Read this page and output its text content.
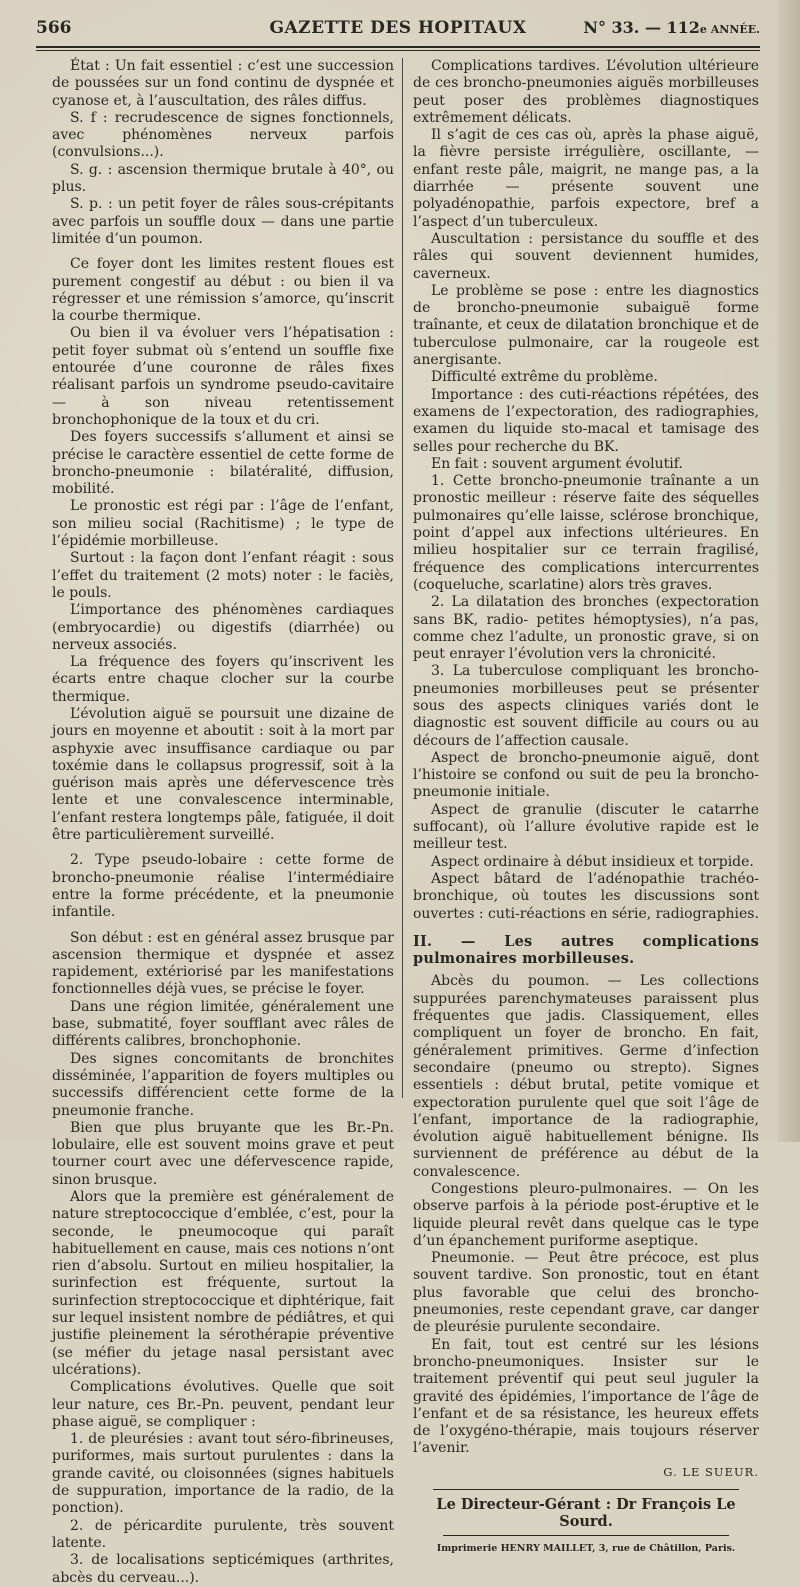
566	GAZETTE DES HOPITAUX	N° 33. — 112e ANNÉE.

État : Un fait essentiel : c’est une succession de poussées sur un fond continu de dyspnée et cyanose et, à l’auscultation, des râles diffus.

S. f : recrudescence de signes fonctionnels, avec phénomènes nerveux parfois (convulsions...).

S. g. : ascension thermique brutale à 40°, ou plus.

S. p. : un petit foyer de râles sous-crépitants avec parfois un souffle doux — dans une partie limitée d’un poumon.

Ce foyer dont les limites restent floues est purement congestif au début : ou bien il va régresser et une rémission s’amorce, qu’inscrit la courbe thermique.

Ou bien il va évoluer vers l’hépatisation : petit foyer submat où s’entend un souffle fixe entourée d’une couronne de râles fixes réalisant parfois un syndrome pseudo-cavitaire — à son niveau retentissement bronchophonique de la toux et du cri.

Des foyers successifs s’allument et ainsi se précise le caractère essentiel de cette forme de broncho-pneumonie : bilatéralité, diffusion, mobilité.

Le pronostic est régi par : l’âge de l’enfant, son milieu social (Rachitisme) ; le type de l’épidémie morbilleuse.

Surtout : la façon dont l’enfant réagit : sous l’effet du traitement (2 mots) noter : le faciès, le pouls.

L’importance des phénomènes cardiaques (embryocardie) ou digestifs (diarrhée) ou nerveux associés.

La fréquence des foyers qu’inscrivent les écarts entre chaque clocher sur la courbe thermique.

L’évolution aiguë se poursuit une dizaine de jours en moyenne et aboutit : soit à la mort par asphyxie avec insuffisance cardiaque ou par toxémie dans le collapsus progressif, soit à la guérison mais après une défervescence très lente et une convalescence interminable, l’enfant restera longtemps pâle, fatiguée, il doit être particulièrement surveillé.

2. Type pseudo-lobaire : cette forme de broncho-pneumonie réalise l’intermédiaire entre la forme précédente, et la pneumonie infantile.

Son début : est en général assez brusque par ascension thermique et dyspnée et assez rapidement, extériorisé par les manifestations fonctionnelles déjà vues, se précise le foyer.

Dans une région limitée, généralement une base, submatité, foyer soufflant avec râles de différents calibres, bronchophonie.

Des signes concomitants de bronchites disséminée, l’apparition de foyers multiples ou successifs différencient cette forme de la pneumonie franche.

Bien que plus bruyante que les Br.-Pn. lobulaire, elle est souvent moins grave et peut tourner court avec une défervescence rapide, sinon brusque.

Alors que la première est généralement de nature streptococcique d’emblée, c’est, pour la seconde, le pneumocoque qui paraît habituellement en cause, mais ces notions n’ont rien d’absolu. Surtout en milieu hospitalier, la surinfection est fréquente, surtout la surinfection streptococcique et diphtérique, fait sur lequel insistent nombre de pédiâtres, et qui justifie pleinement la sérothérapie préventive (se méfier du jetage nasal persistant avec ulcérations).

Complications évolutives. Quelle que soit leur nature, ces Br.-Pn. peuvent, pendant leur phase aiguë, se compliquer :

1. de pleurésies : avant tout séro-fibrineuses, puriformes, mais surtout purulentes : dans la grande cavité, ou cloisonnées (signes habituels de suppuration, importance de la radio, de la ponction).

2. de péricardite purulente, très souvent latente.

3. de localisations septicémiques (arthrites, abcès du cerveau...).

Complications tardives. L’évolution ultérieure de ces broncho-pneumonies aiguës morbilleuses peut poser des problèmes diagnostiques extrêmement délicats.

Il s’agit de ces cas où, après la phase aiguë, la fièvre persiste irrégulière, oscillante, — enfant reste pâle, maigrit, ne mange pas, a la diarrhée — présente souvent une polyadénopathie, parfois expectore, bref a l’aspect d’un tuberculeux.

Auscultation : persistance du souffle et des râles qui souvent deviennent humides, caverneux.

Le problème se pose : entre les diagnostics de broncho-pneumonie subaiguë forme traînante, et ceux de dilatation bronchique et de tuberculose pulmonaire, car la rougeole est anergisante.

Difficulté extrême du problème.

Importance : des cuti-réactions répétées, des examens de l’expectoration, des radiographies, examen du liquide sto-macal et tamisage des selles pour recherche du BK.

En fait : souvent argument évolutif.

1. Cette broncho-pneumonie traînante a un pronostic meilleur : réserve faite des séquelles pulmonaires qu’elle laisse, sclérose bronchique, point d’appel aux infections ultérieures. En milieu hospitalier sur ce terrain fragilisé, fréquence des complications intercurrentes (coqueluche, scarlatine) alors très graves.

2. La dilatation des bronches (expectoration sans BK, radio- petites hémoptysies), n’a pas, comme chez l’adulte, un pronostic grave, si on peut enrayer l’évolution vers la chronicité.

3. La tuberculose compliquant les broncho-pneumonies morbilleuses peut se présenter sous des aspects cliniques variés dont le diagnostic est souvent difficile au cours ou au décours de l’affection causale.

Aspect de broncho-pneumonie aiguë, dont l’histoire se confond ou suit de peu la broncho-pneumonie initiale.

Aspect de granulie (discuter le catarrhe suffocant), où l’allure évolutive rapide est le meilleur test.

Aspect ordinaire à début insidieux et torpide.

Aspect bâtard de l’adénopathie trachéo-bronchique, où toutes les discussions sont ouvertes : cuti-réactions en série, radiographies.

II. — Les autres complications pulmonaires morbilleuses.

Abcès du poumon. — Les collections suppurées parenchymateuses paraissent plus fréquentes que jadis. Classiquement, elles compliquent un foyer de broncho. En fait, généralement primitives. Germe d’infection secondaire (pneumo ou strepto). Signes essentiels : début brutal, petite vomique et expectoration purulente quel que soit l’âge de l’enfant, importance de la radiographie, évolution aiguë habituellement bénigne. Ils surviennent de préférence au début de la convalescence.

Congestions pleuro-pulmonaires. — On les observe parfois à la période post-éruptive et le liquide pleural revêt dans quelque cas le type d’un épanchement puriforme aseptique.

Pneumonie. — Peut être précoce, est plus souvent tardive. Son pronostic, tout en étant plus favorable que celui des broncho-pneumonies, reste cependant grave, car danger de pleurésie purulente secondaire.

En fait, tout est centré sur les lésions broncho-pneumoniques. Insister sur le traitement préventif qui peut seul juguler la gravité des épidémies, l’importance de l’âge de l’enfant et de sa résistance, les heureux effets de l’oxygéno-thérapie, mais toujours réserver l’avenir.

G. LE SUEUR.

Le Directeur-Gérant : Dr François Le Sourd.

Imprimerie HENRY MAILLET, 3, rue de Châtillon, Paris.
